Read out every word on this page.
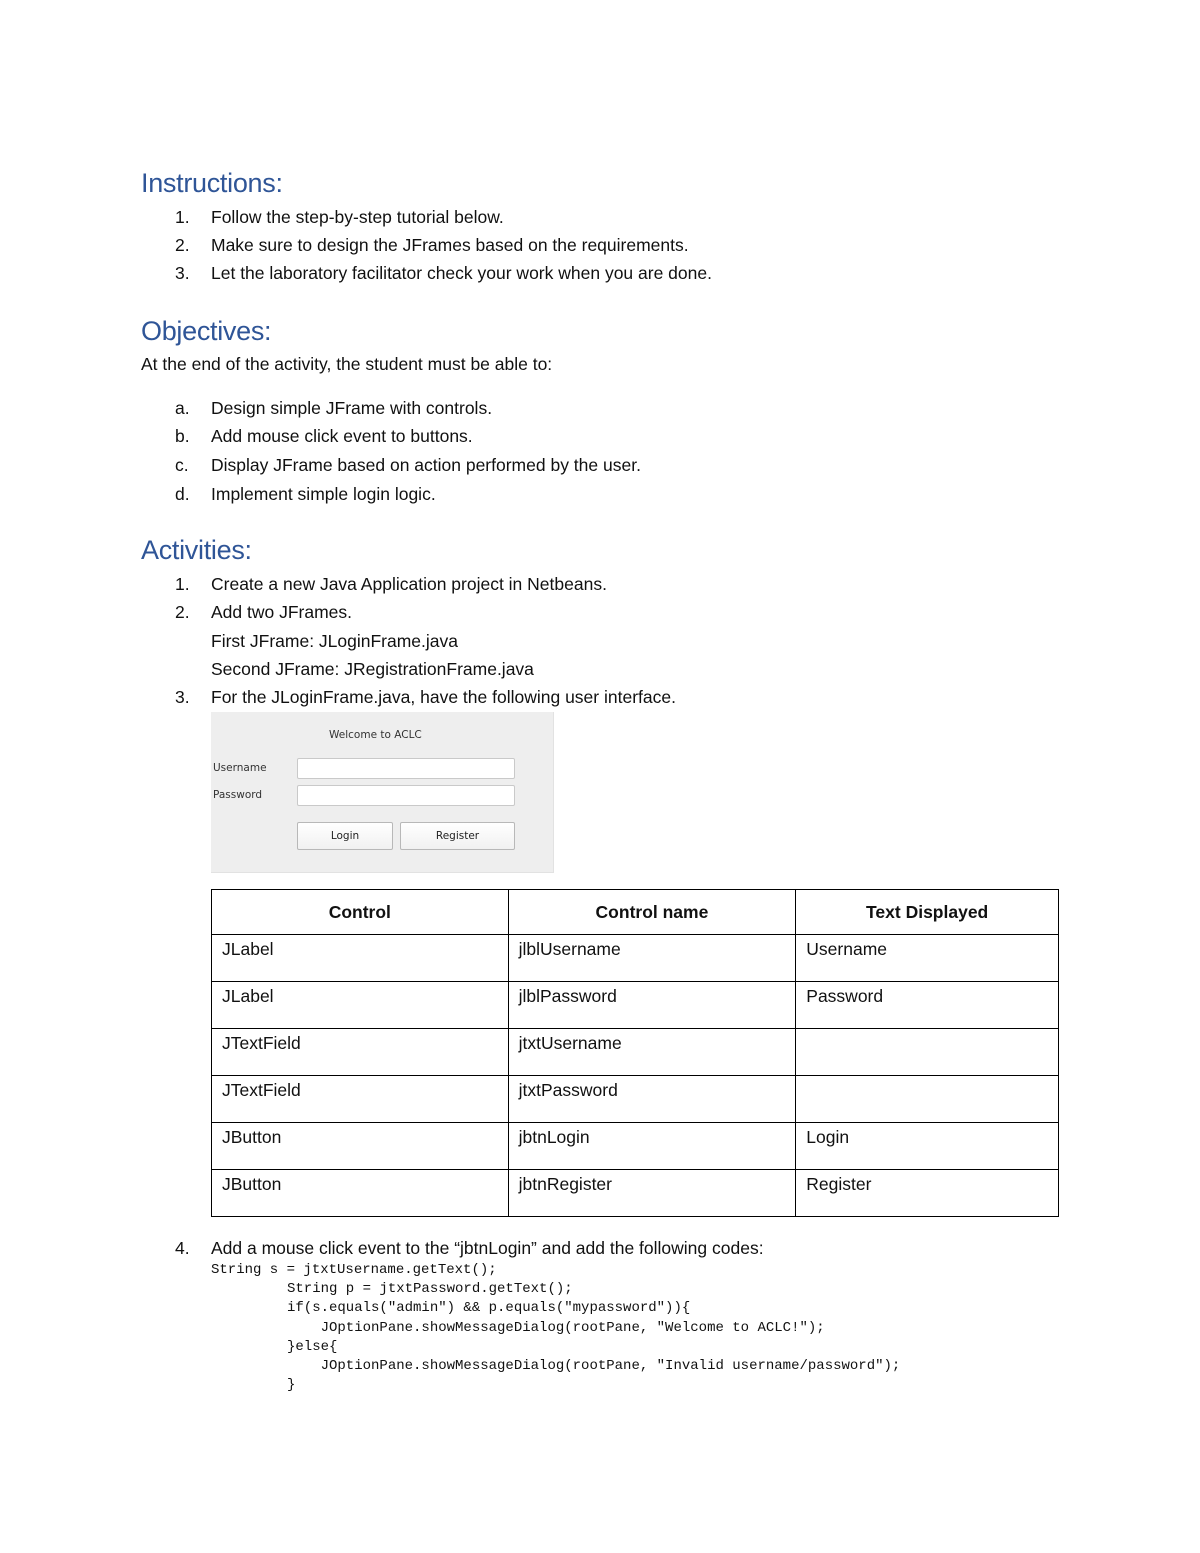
Instructions:
1. Follow the step-by-step tutorial below.
2. Make sure to design the JFrames based on the requirements.
3. Let the laboratory facilitator check your work when you are done.
Objectives:
At the end of the activity, the student must be able to:
a. Design simple JFrame with controls.
b. Add mouse click event to buttons.
c. Display JFrame based on action performed by the user.
d. Implement simple login logic.
Activities:
1. Create a new Java Application project in Netbeans.
2. Add two JFrames.
First JFrame: JLoginFrame.java
Second JFrame: JRegistrationFrame.java
3. For the JLoginFrame.java, have the following user interface.
Welcome to ACLC
Username
Password
Login	Register
Control	Control name	Text Displayed
JLabel	jlblUsername	Username
JLabel	jlblPassword	Password
JTextField	jtxtUsername	
JTextField	jtxtPassword	
JButton	jbtnLogin	Login
JButton	jbtnRegister	Register
4. Add a mouse click event to the “jbtnLogin” and add the following codes:
String s = jtxtUsername.getText();
String p = jtxtPassword.getText();
if(s.equals("admin") && p.equals("mypassword")){
JOptionPane.showMessageDialog(rootPane, "Welcome to ACLC!");
}else{
JOptionPane.showMessageDialog(rootPane, "Invalid username/password");
}
